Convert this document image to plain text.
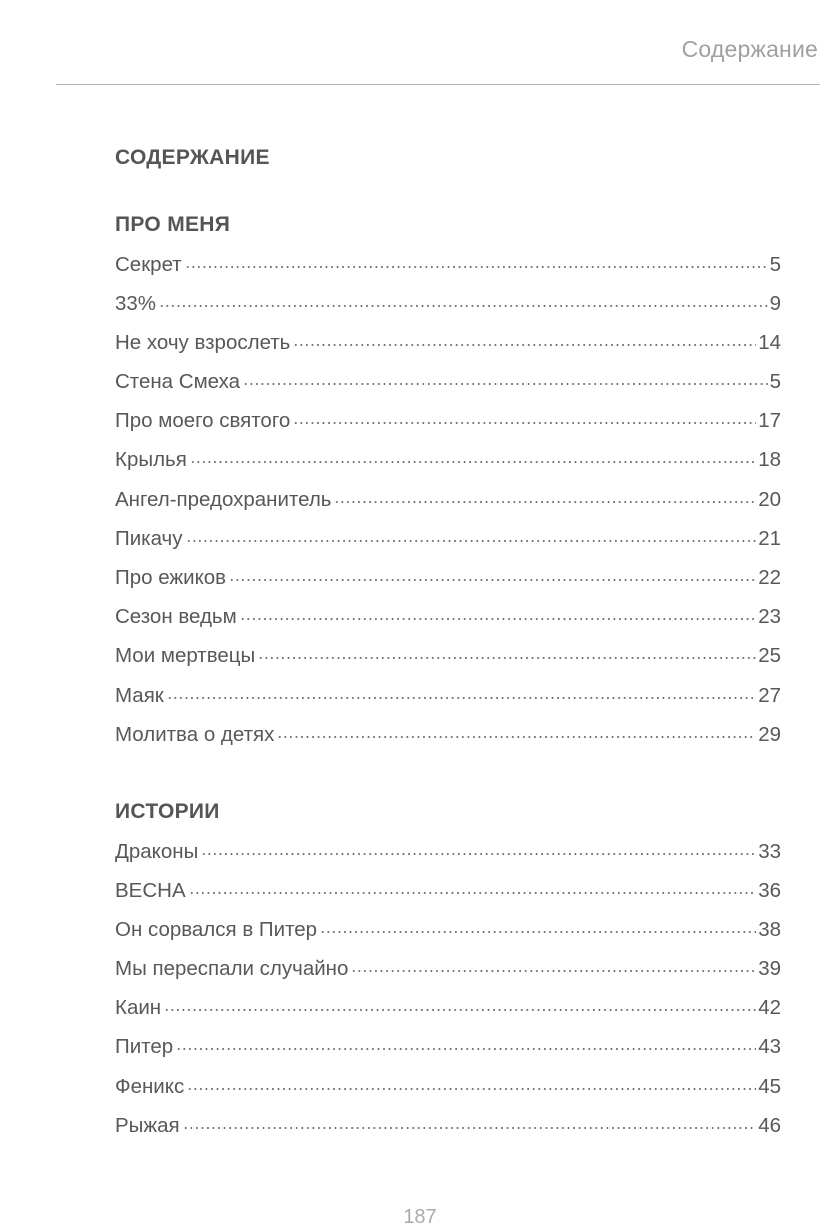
Содержание
СОДЕРЖАНИЕ
ПРО МЕНЯ
Секрет	5
33%	9
Не хочу взрослеть	14
Стена Смеха	5
Про моего святого	17
Крылья	18
Ангел-предохранитель	20
Пикачу	21
Про ежиков	22
Сезон ведьм	23
Мои мертвецы	25
Маяк	27
Молитва о детях	29
ИСТОРИИ
Драконы	33
ВЕСНА	36
Он сорвался в Питер	38
Мы переспали случайно	39
Каин	42
Питер	43
Феникс	45
Рыжая	46
187
